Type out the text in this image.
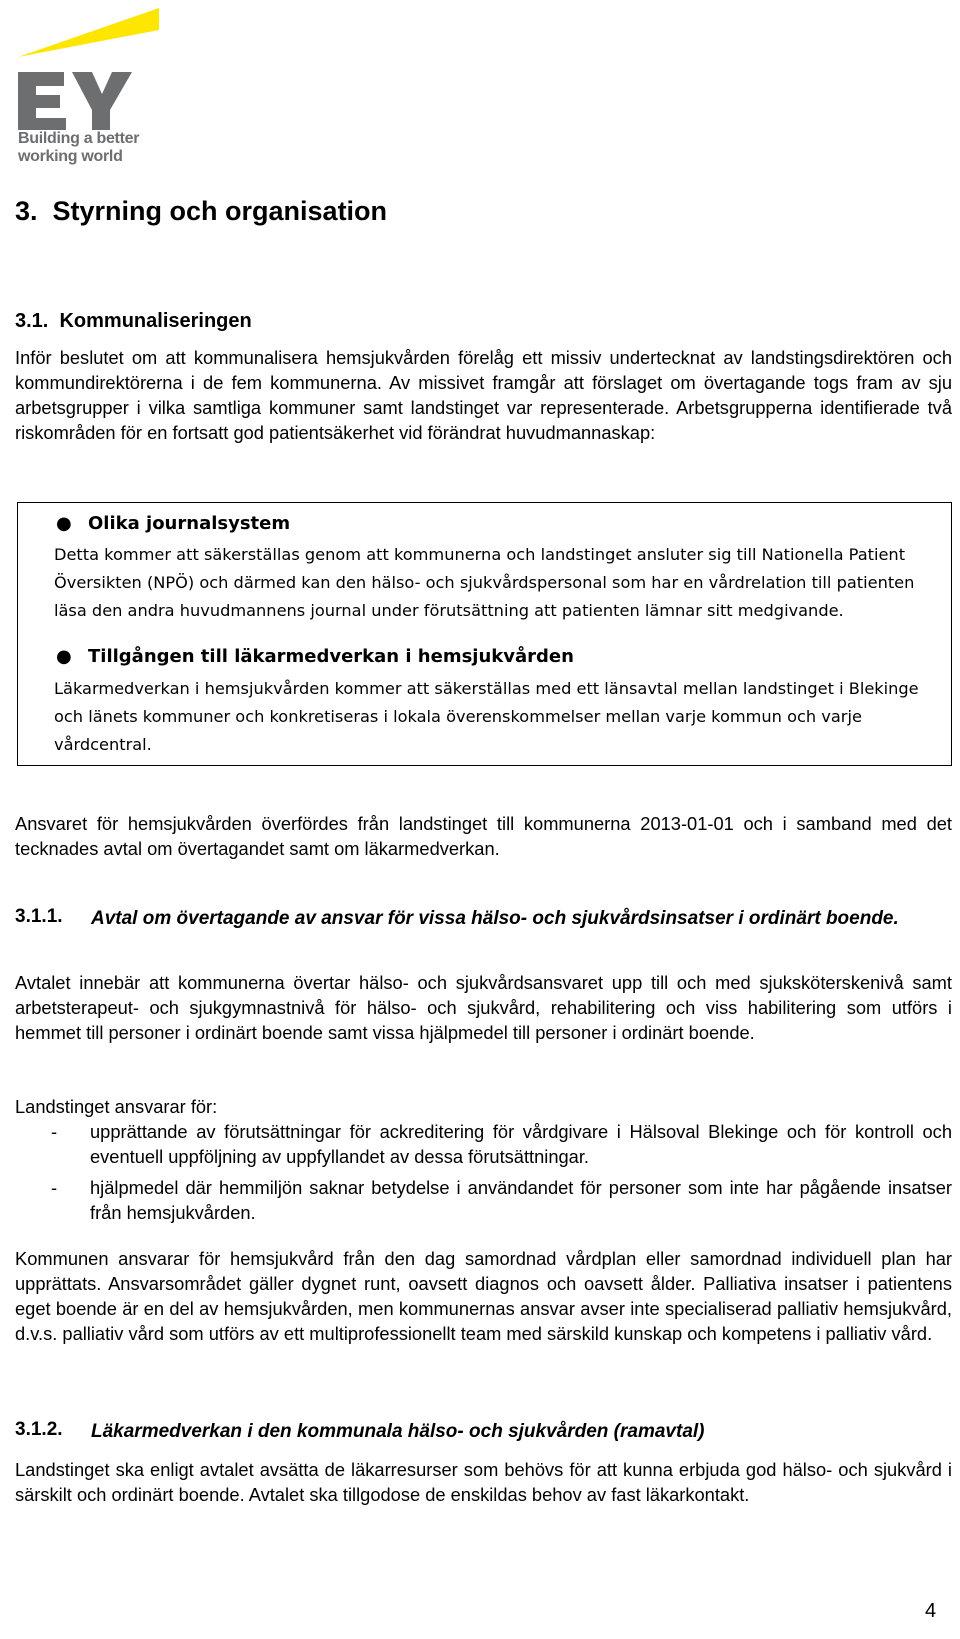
Building a better working world
3.  Styrning och organisation
3.1.  Kommunaliseringen
Inför beslutet om att kommunalisera hemsjukvården förelåg ett missiv undertecknat av landstingsdirektören och kommundirektörerna i de fem kommunerna. Av missivet framgår att förslaget om övertagande togs fram av sju arbetsgrupper i vilka samtliga kommuner samt landstinget var representerade. Arbetsgrupperna identifierade två riskområden för en fortsatt god patientsäkerhet vid förändrat huvudmannaskap:
● Olika journalsystem
Detta kommer att säkerställas genom att kommunerna och landstinget ansluter sig till Nationella Patient Översikten (NPÖ) och därmed kan den hälso- och sjukvårdspersonal som har en vårdrelation till patienten läsa den andra huvudmannens journal under förutsättning att patienten lämnar sitt medgivande.
● Tillgången till läkarmedverkan i hemsjukvården
Läkarmedverkan i hemsjukvården kommer att säkerställas med ett länsavtal mellan landstinget i Blekinge och länets kommuner och konkretiseras i lokala överenskommelser mellan varje kommun och varje vårdcentral.
Ansvaret för hemsjukvården överfördes från landstinget till kommunerna 2013-01-01 och i samband med det tecknades avtal om övertagandet samt om läkarmedverkan.
3.1.1. Avtal om övertagande av ansvar för vissa hälso- och sjukvårdsinsatser i ordinärt boende.
Avtalet innebär att kommunerna övertar hälso- och sjukvårdsansvaret upp till och med sjuksköterskenivå samt arbetsterapeut- och sjukgymnastnivå för hälso- och sjukvård, rehabilitering och viss habilitering som utförs i hemmet till personer i ordinärt boende samt vissa hjälpmedel till personer i ordinärt boende.
Landstinget ansvarar för:
- upprättande av förutsättningar för ackreditering för vårdgivare i Hälsoval Blekinge och för kontroll och eventuell uppföljning av uppfyllandet av dessa förutsättningar.
- hjälpmedel där hemmiljön saknar betydelse i användandet för personer som inte har pågående insatser från hemsjukvården.
Kommunen ansvarar för hemsjukvård från den dag samordnad vårdplan eller samordnad individuell plan har upprättats. Ansvarsområdet gäller dygnet runt, oavsett diagnos och oavsett ålder. Palliativa insatser i patientens eget boende är en del av hemsjukvården, men kommunernas ansvar avser inte specialiserad palliativ hemsjukvård, d.v.s. palliativ vård som utförs av ett multiprofessionellt team med särskild kunskap och kompetens i palliativ vård.
3.1.2. Läkarmedverkan i den kommunala hälso- och sjukvården (ramavtal)
Landstinget ska enligt avtalet avsätta de läkarresurser som behövs för att kunna erbjuda god hälso- och sjukvård i särskilt och ordinärt boende. Avtalet ska tillgodose de enskildas behov av fast läkarkontakt.
4
